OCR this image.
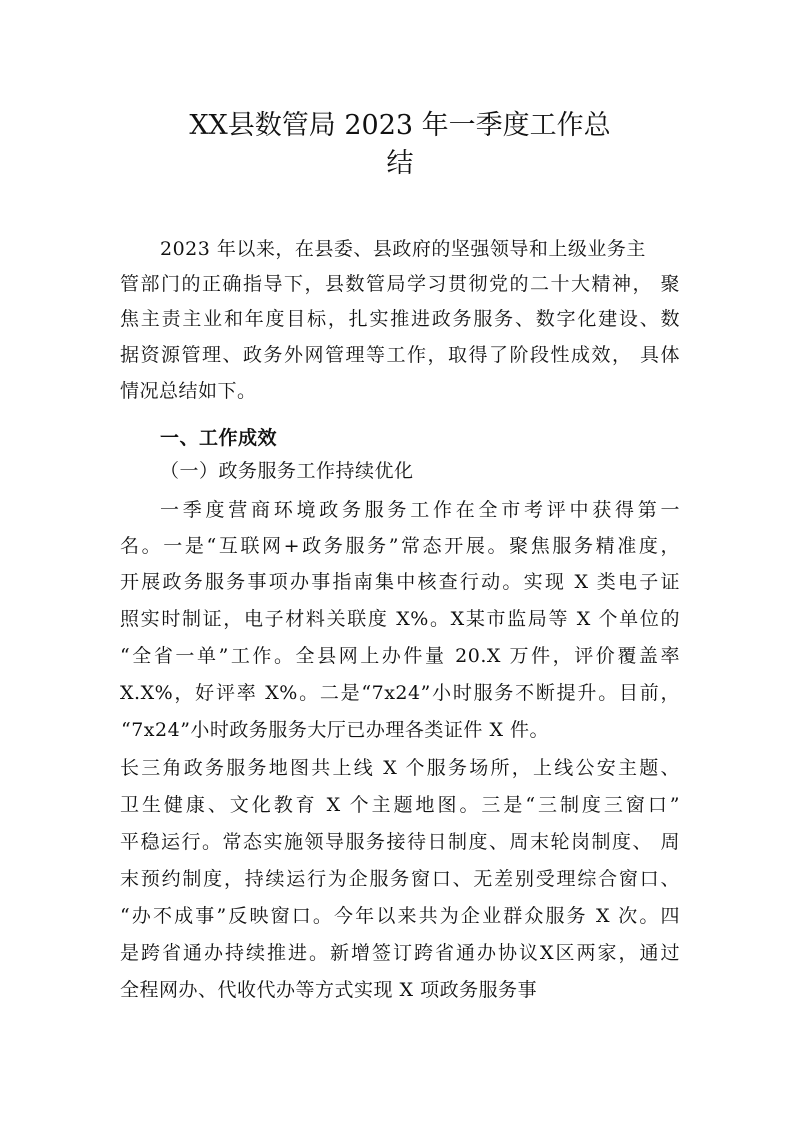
XX县数管局 2023 年一季度工作总
结
2023 年以来，在县委、县政府的坚强领导和上级业务主
管部门的正确指导下，县数管局学习贯彻党的二十大精神， 聚
焦主责主业和年度目标，扎实推进政务服务、数字化建设、数
据资源管理、政务外网管理等工作，取得了阶段性成效， 具体
情况总结如下。
一、工作成效
（一）政务服务工作持续优化
一季度营商环境政务服务工作在全市考评中获得第一
名。一是“互联网+政务服务”常态开展。聚焦服务精准度，
开展政务服务事项办事指南集中核查行动。实现 X 类电子证
照实时制证，电子材料关联度 X%。X某市监局等 X 个单位的
“全省一单”工作。全县网上办件量 20.X 万件，评价覆盖率
X.X%，好评率 X%。二是“7x24”小时服务不断提升。目前，
“7x24”小时政务服务大厅已办理各类证件 X 件。
长三角政务服务地图共上线 X 个服务场所，上线公安主题、
卫生健康、文化教育 X 个主题地图。三是“三制度三窗口”
平稳运行。常态实施领导服务接待日制度、周末轮岗制度、 周
末预约制度，持续运行为企服务窗口、无差别受理综合窗口、
“办不成事”反映窗口。今年以来共为企业群众服务 X 次。四
是跨省通办持续推进。新增签订跨省通办协议X区两家，通过
全程网办、代收代办等方式实现 X 项政务服务事
